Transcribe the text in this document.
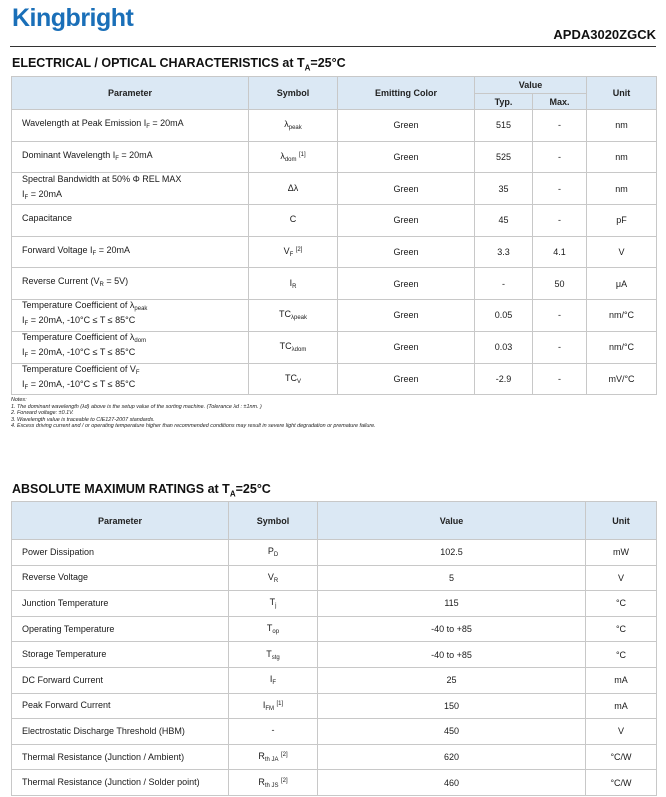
Kingbright
APDA3020ZGCK
ELECTRICAL / OPTICAL CHARACTERISTICS at $T_A=25^\circ C$
Parameter	Symbol	Emitting Color	Value		Unit
			Typ.	Max.	

Wavelength at Peak Emission $I_F = 20mA$	$\lambda_{peak}$	Green	515	-	nm

Dominant Wavelength $I_F = 20mA$	$\lambda_{dom}$ [1]	Green	525	-	nm

Spectral Bandwidth at 50% Φ REL MAX
$I_F = 20mA$	Δλ	Green	35	-	nm

Capacitance	C	Green	45	-	pF

Forward Voltage $I_F = 20mA$	$V_F$ [2]	Green	3.3	4.1	V

Reverse Current $(V_R = 5V)$	$I_R$	Green	-	50	μA

Temperature Coefficient of $\lambda_{peak}$
$I_F = 20mA$, -10°C ≤ T ≤ 85°C	$TC_{\lambda peak}$	Green	0.05	-	nm/°C

Temperature Coefficient of $\lambda_{dom}$
$I_F = 20mA$, -10°C ≤ T ≤ 85°C	$TC_{\lambda dom}$	Green	0.03	-	nm/°C

Temperature Coefficient of $V_F$
$I_F = 20mA$, -10°C ≤ T ≤ 85°C	$TC_V$	Green	-2.9	-	mV/°C
Notes:
1. The dominant wavelength (λd) above is the setup value of the sorting machine. (Tolerance λd : ±1nm. )
2. Forward voltage: ±0.1V.
3. Wavelength value is traceable to CIE127-2007 standards.
4. Excess driving current and / or operating temperature higher than recommended conditions may result in severe light degradation or premature failure.
ABSOLUTE MAXIMUM RATINGS at $T_A=25^\circ C$
Parameter	Symbol	Value	Unit
Power Dissipation	$P_D$	102.5	mW
Reverse Voltage	$V_R$	5	V
Junction Temperature	$T_j$	115	°C
Operating Temperature	$T_{op}$	-40 to +85	°C
Storage Temperature	$T_{stg}$	-40 to +85	°C
DC Forward Current	$I_F$	25	mA
Peak Forward Current	$I_{FM}$ [1]	150	mA
Electrostatic Discharge Threshold (HBM)	-	450	V
Thermal Resistance (Junction / Ambient)	$R_{th JA}$ [2]	620	°C/W
Thermal Resistance (Junction / Solder point)	$R_{th JS}$ [2]	460	°C/W
